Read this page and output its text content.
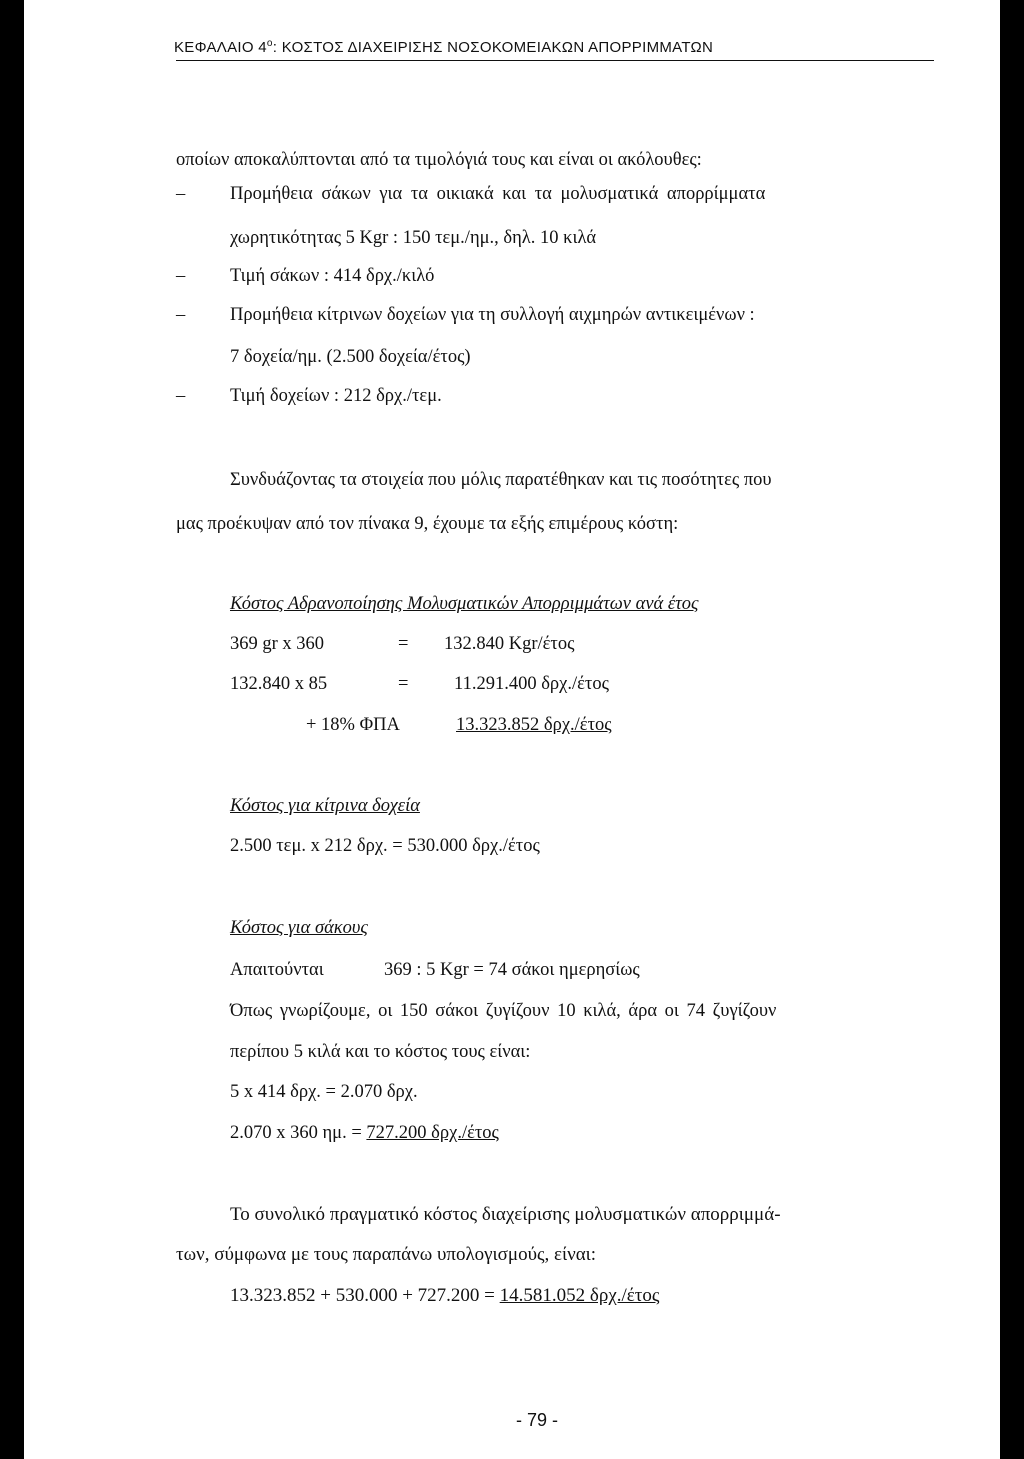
ΚΕΦΑΛΑΙΟ $4^o$: ΚΟΣΤΟΣ ΔΙΑΧΕΙΡΙΣΗΣ ΝΟΣΟΚΟΜΕΙΑΚΩΝ ΑΠΟΡΡΙΜΜΑΤΩΝ
οποίων αποκαλύπτονται από τα τιμολόγιά τους και είναι οι ακόλουθες:
– Προμήθεια σάκων για τα οικιακά και τα μολυσματικά απορρίμματα
χωρητικότητας 5 Kgr : 150 τεμ./ημ., δηλ. 10 κιλά
– Τιμή σάκων : 414 δρχ./κιλό
– Προμήθεια κίτρινων δοχείων για τη συλλογή αιχμηρών αντικειμένων :
7 δοχεία/ημ. (2.500 δοχεία/έτος)
– Τιμή δοχείων : 212 δρχ./τεμ.
Συνδυάζοντας τα στοιχεία που μόλις παρατέθηκαν και τις ποσότητες που
μας προέκυψαν από τον πίνακα 9, έχουμε τα εξής επιμέρους κόστη:
Κόστος Αδρανοποίησης Μολυσματικών Απορριμμάτων ανά έτος
369 gr x 360	= 132.840 Kgr/έτος
132.840 x 85	= 11.291.400 δρχ./έτος
+ 18% ΦΠΑ	13.323.852 δρχ./έτος
Κόστος για κίτρινα δοχεία
2.500 τεμ. x 212 δρχ. = 530.000 δρχ./έτος
Κόστος για σάκους
Απαιτούνται	369 : 5 Kgr = 74 σάκοι ημερησίως
Όπως γνωρίζουμε, οι 150 σάκοι ζυγίζουν 10 κιλά, άρα οι 74 ζυγίζουν
περίπου 5 κιλά και το κόστος τους είναι:
5 x 414 δρχ. = 2.070 δρχ.
2.070 x 360 ημ. = 727.200 δρχ./έτος
Το συνολικό πραγματικό κόστος διαχείρισης μολυσματικών απορριμμά-
των, σύμφωνα με τους παραπάνω υπολογισμούς, είναι:
13.323.852 + 530.000 + 727.200 = 14.581.052 δρχ./έτος
- 79 -
